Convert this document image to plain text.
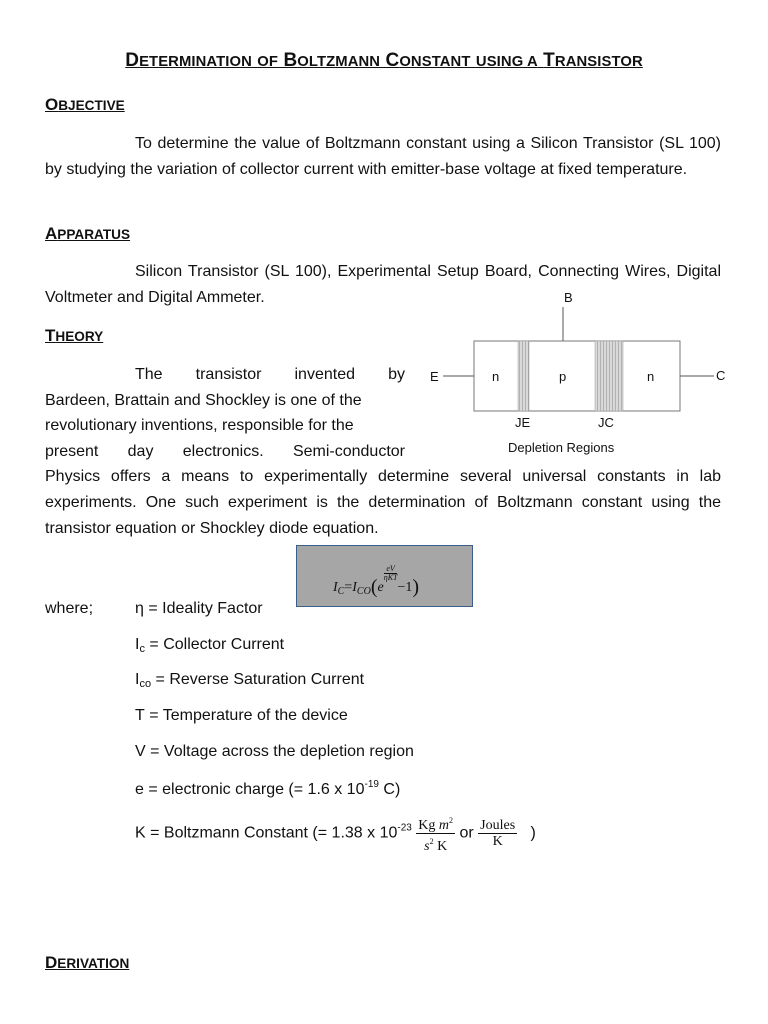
DETERMINATION OF BOLTZMANN CONSTANT USING A TRANSISTOR
OBJECTIVE

To determine the value of Boltzmann constant using a Silicon Transistor (SL 100) by studying the variation of collector current with emitter-base voltage at fixed temperature.

APPARATUS

Silicon Transistor (SL 100), Experimental Setup Board, Connecting Wires, Digital Voltmeter and Digital Ammeter.

THEORY
The transistor invented by
Bardeen, Brattain and Shockley is one of the
revolutionary inventions, responsible for the
present day electronics. Semi-conductor

Physics offers a means to experimentally determine several universal constants in lab experiments. One such experiment is the determination of Boltzmann constant using the transistor equation or Shockley diode equation.

B
E	C
n	p	n
JE	JC
Depletion Regions
$I_C=I_{CO}(e$
eV
ηKT
−1)
where;	η = Ideality Factor
Ic = Collector Current
Ico = Reverse Saturation Current
T = Temperature of the device
V = Voltage across the depletion region
e = electronic charge (= 1.6 x $10^{-19}$ C)
K = Boltzmann Constant (= 1.38 x $10^{-23} \frac{Kg m^2}{s^2 K}$ or $\frac{\text{Joules}}{K}$ )
DERIVATION
